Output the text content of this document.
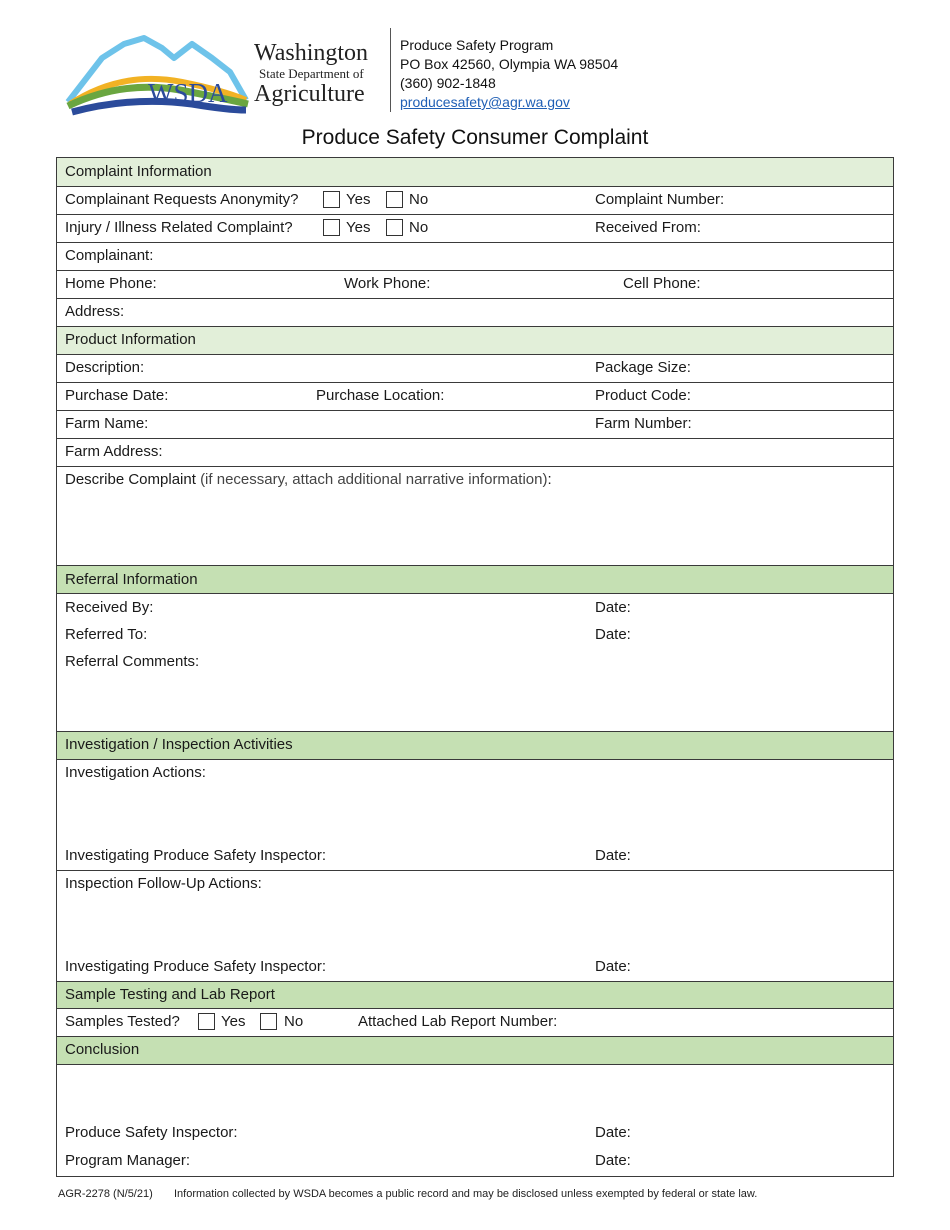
WSDA
Washington
State Department of
Agriculture
Produce Safety Program
PO Box 42560, Olympia WA 98504
(360) 902-1848
producesafety@agr.wa.gov
Produce Safety Consumer Complaint
Complaint Information
Complainant Requests Anonymity?	Yes	No	Complaint Number:
Injury / Illness Related Complaint?	Yes	No	Received From:
Complainant:
Home Phone:	Work Phone:	Cell Phone:
Address:
Product Information
Description:	Package Size:
Purchase Date:	Purchase Location:	Product Code:
Farm Name:	Farm Number:
Farm Address:
Describe Complaint (if necessary, attach additional narrative information):
Referral Information
Received By:	Date:
Referred To:	Date:
Referral Comments:
Investigation / Inspection Activities
Investigation Actions:
Investigating Produce Safety Inspector:	Date:
Inspection Follow-Up Actions:
Investigating Produce Safety Inspector:	Date:
Sample Testing and Lab Report
Samples Tested?	Yes	No	Attached Lab Report Number:
Conclusion
Produce Safety Inspector:	Date:
Program Manager:	Date:
AGR-2278 (N/5/21) Information collected by WSDA becomes a public record and may be disclosed unless exempted by federal or state law.
